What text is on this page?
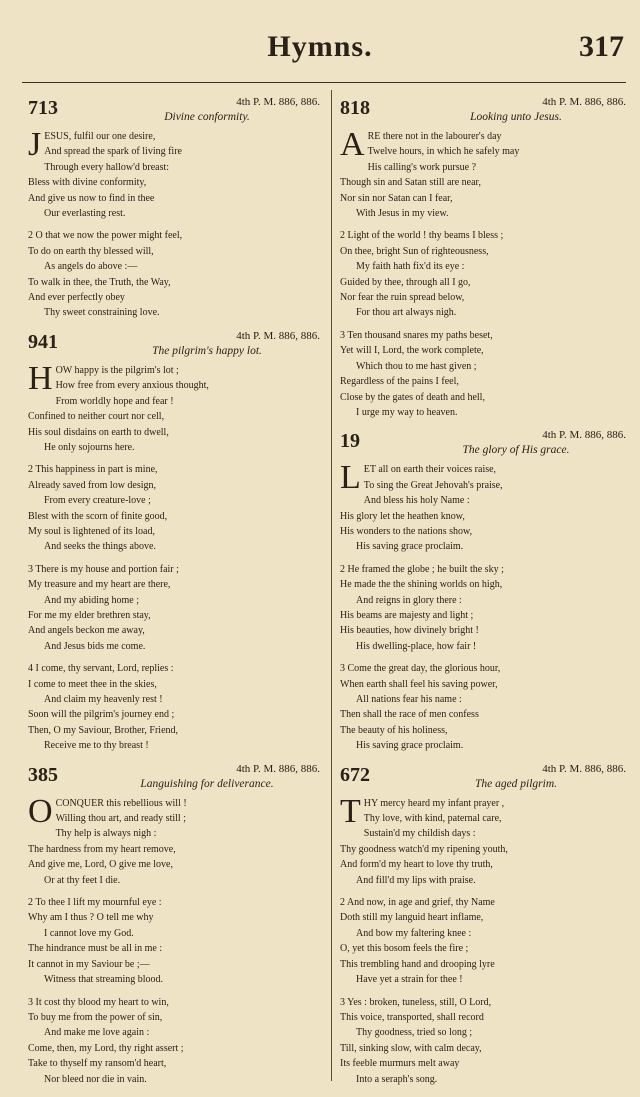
Hymns.	317
713	4th P. M. 886, 886.
Divine conformity.
J ESUS, fulfil our one desire,
And spread the spark of living fire
Through every hallow'd breast:
Bless with divine conformity,
And give us now to find in thee
Our everlasting rest.
2 O that we now the power might feel,
To do on earth thy blessed will,
As angels do above :—
To walk in thee, the Truth, the Way,
And ever perfectly obey
Thy sweet constraining love.
941	4th P. M. 886, 886.
The pilgrim's happy lot.
H OW happy is the pilgrim's lot ;
How free from every anxious thought,
From worldly hope and fear !
Confined to neither court nor cell,
His soul disdains on earth to dwell,
He only sojourns here.
2 This happiness in part is mine,
Already saved from low design,
From every creature-love ;
Blest with the scorn of finite good,
My soul is lightened of its load,
And seeks the things above.
3 There is my house and portion fair ;
My treasure and my heart are there,
And my abiding home ;
For me my elder brethren stay,
And angels beckon me away,
And Jesus bids me come.
4 I come, thy servant, Lord, replies :
I come to meet thee in the skies,
And claim my heavenly rest !
Soon will the pilgrim's journey end ;
Then, O my Saviour, Brother, Friend,
Receive me to thy breast !
385	4th P. M. 886, 886.
Languishing for deliverance.
O CONQUER this rebellious will !
Willing thou art, and ready still ;
Thy help is always nigh :
The hardness from my heart remove,
And give me, Lord, O give me love,
Or at thy feet I die.
2 To thee I lift my mournful eye :
Why am I thus ? O tell me why
I cannot love my God.
The hindrance must be all in me :
It cannot in my Saviour be ;—
Witness that streaming blood.
3 It cost thy blood my heart to win,
To buy me from the power of sin,
And make me love again :
Come, then, my Lord, thy right assert ;
Take to thyself my ransom'd heart,
Nor bleed nor die in vain.
818	4th P. M. 886, 886.
Looking unto Jesus.
A RE there not in the labourer's day
Twelve hours, in which he safely may
His calling's work pursue ?
Though sin and Satan still are near,
Nor sin nor Satan can I fear,
With Jesus in my view.
2 Light of the world ! thy beams I bless ;
On thee, bright Sun of righteousness,
My faith hath fix'd its eye :
Guided by thee, through all I go,
Nor fear the ruin spread below,
For thou art always nigh.
3 Ten thousand snares my paths beset,
Yet will I, Lord, the work complete,
Which thou to me hast given ;
Regardless of the pains I feel,
Close by the gates of death and hell,
I urge my way to heaven.
19	4th P. M. 886, 886.
The glory of His grace.
L ET all on earth their voices raise,
To sing the Great Jehovah's praise,
And bless his holy Name :
His glory let the heathen know,
His wonders to the nations show,
His saving grace proclaim.
2 He framed the globe ; he built the sky ;
He made the the shining worlds on high,
And reigns in glory there :
His beams are majesty and light ;
His beauties, how divinely bright !
His dwelling-place, how fair !
3 Come the great day, the glorious hour,
When earth shall feel his saving power,
All nations fear his name :
Then shall the race of men confess
The beauty of his holiness,
His saving grace proclaim.
672	4th P. M. 886, 886.
The aged pilgrim.
T HY mercy heard my infant prayer ,
Thy love, with kind, paternal care,
Sustain'd my childish days :
Thy goodness watch'd my ripening youth,
And form'd my heart to love thy truth,
And fill'd my lips with praise.
2 And now, in age and grief, thy Name
Doth still my languid heart inflame,
And bow my faltering knee :
O, yet this bosom feels the fire ;
This trembling hand and drooping lyre
Have yet a strain for thee !
3 Yes : broken, tuneless, still, O Lord,
This voice, transported, shall record
Thy goodness, tried so long ;
Till, sinking slow, with calm decay,
Its feeble murmurs melt away
Into a seraph's song.
